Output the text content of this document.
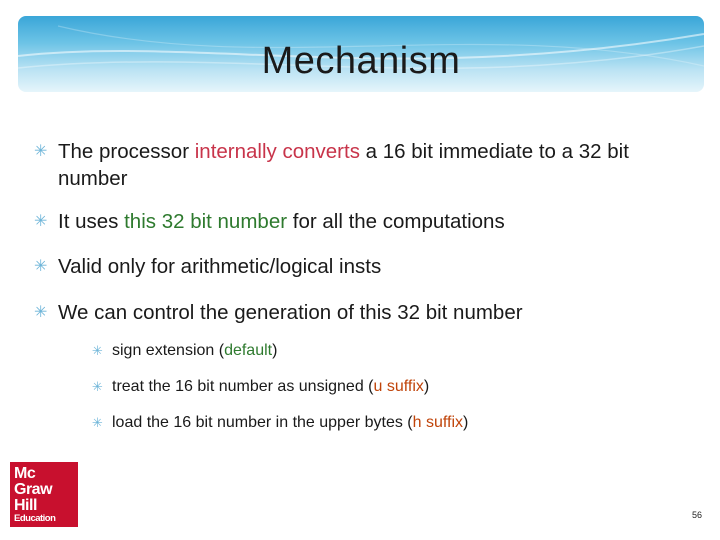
Mechanism
✳ The processor internally converts a 16 bit immediate to a 32 bit number
✳ It uses this 32 bit number for all the computations
✳ Valid only for arithmetic/logical insts
✳ We can control the generation of this 32 bit number
✳ sign extension (default)
✳ treat the 16 bit number as unsigned (u suffix)
✳ load the 16 bit number in the upper bytes (h suffix)
Mc
Graw
Hill
Education	56
